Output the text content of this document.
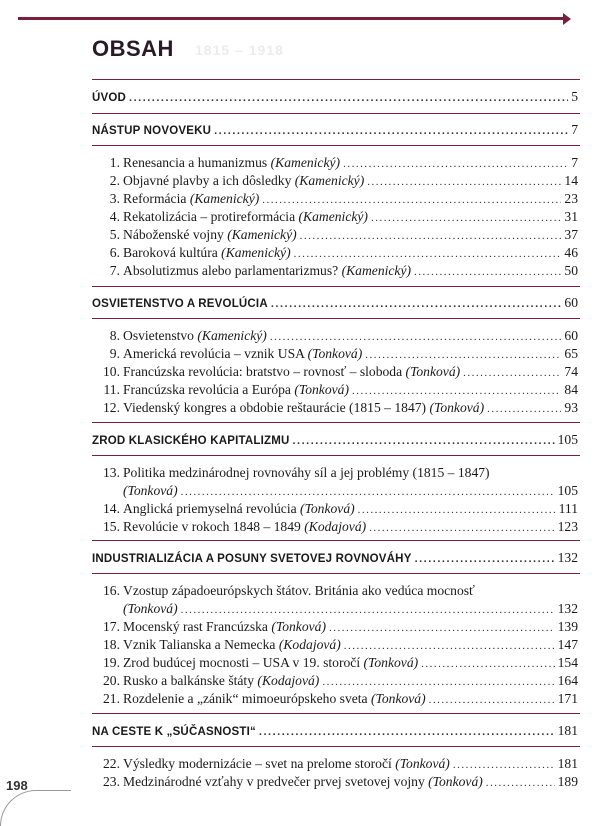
1815 – 1918
OBSAH
ÚVOD .....	5
NÁSTUP NOVOVEKU .....	7
1. Renesancia a humanizmus (Kamenický) .....	7
2. Objavné plavby a ich dôsledky (Kamenický) .....	14
3. Reformácia (Kamenický) .....	23
4. Rekatolizácia – protireformácia (Kamenický) .....	31
5. Náboženské vojny (Kamenický) .....	37
6. Baroková kultúra (Kamenický) .....	46
7. Absolutizmus alebo parlamentarizmus? (Kamenický) .....	50
OSVIETENSTVO A REVOLÚCIA .....	60
8. Osvietenstvo (Kamenický) .....	60
9. Americká revolúcia – vznik USA (Tonková) .....	65
10. Francúzska revolúcia: bratstvo – rovnosť – sloboda (Tonková) .....	74
11. Francúzska revolúcia a Európa (Tonková) .....	84
12. Viedenský kongres a obdobie reštaurácie (1815 – 1847) (Tonková) .....	93
ZROD KLASICKÉHO KAPITALIZMU .....	105
13. Politika medzinárodnej rovnováhy síl a jej problémy (1815 – 1847)
(Tonková) .....	105
14. Anglická priemyselná revolúcia (Tonková) .....	111
15. Revolúcie v rokoch 1848 – 1849 (Kodajová) .....	123
INDUSTRIALIZÁCIA A POSUNY SVETOVEJ ROVNOVÁHY .....	132
16. Vzostup západoeurópskych štátov. Británia ako vedúca mocnosť
(Tonková) .....	132
17. Mocenský rast Francúzska (Tonková) .....	139
18. Vznik Talianska a Nemecka (Kodajová) .....	147
19. Zrod budúcej mocnosti – USA v 19. storočí (Tonková) .....	154
20. Rusko a balkánske štáty (Kodajová) .....	164
21. Rozdelenie a „zánik“ mimoeurópskeho sveta (Tonková) .....	171
NA CESTE K „SÚČASNOSTI“ .....	181
22. Výsledky modernizácie – svet na prelome storočí (Tonková) .....	181
23. Medzinárodné vzťahy v predvečer prvej svetovej vojny (Tonková) .....	189
198
